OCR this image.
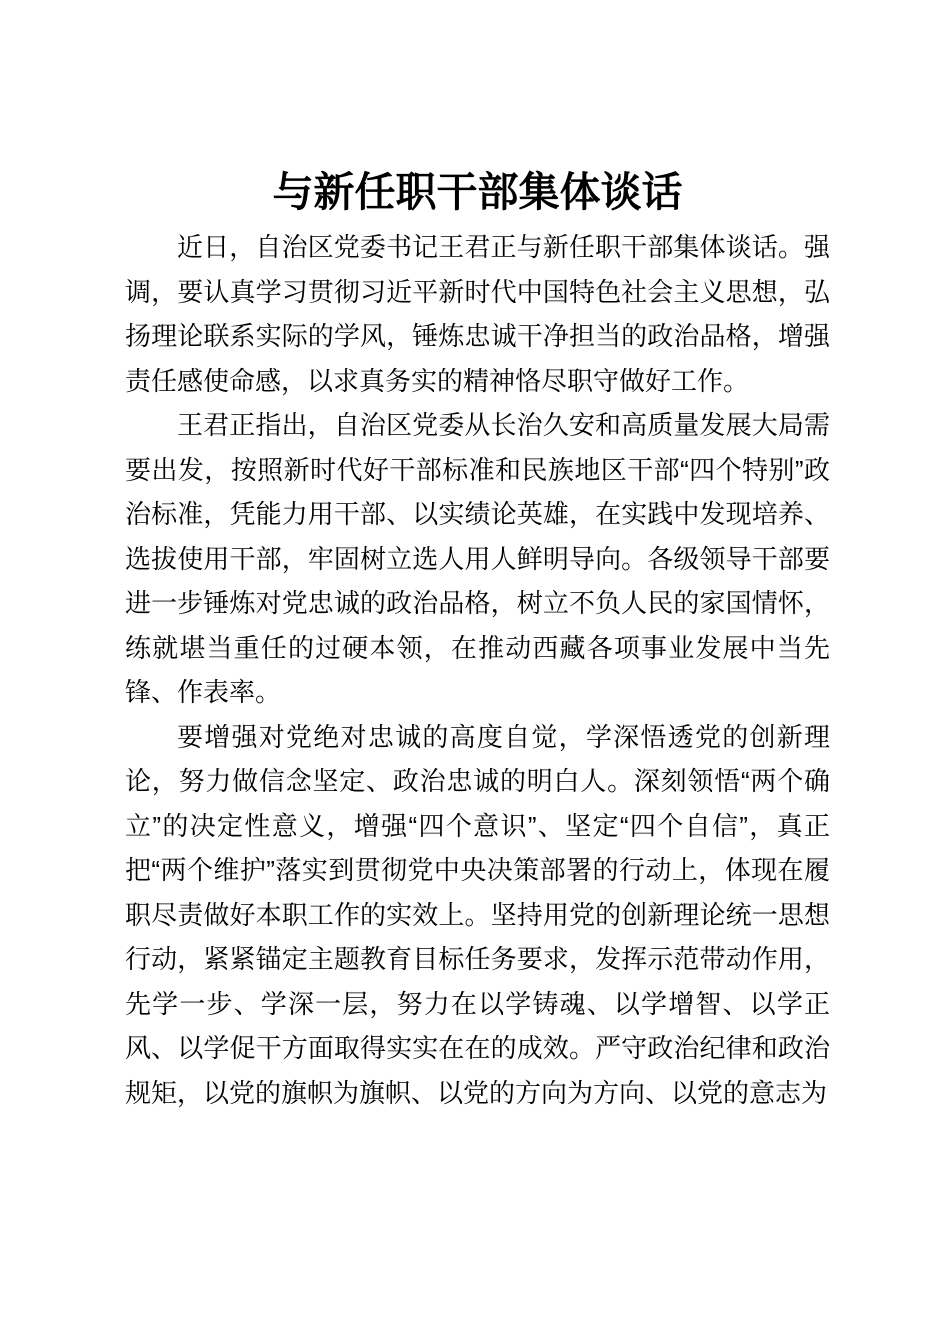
与新任职干部集体谈话
近日，自治区党委书记王君正与新任职干部集体谈话。强
调，要认真学习贯彻习近平新时代中国特色社会主义思想，弘
扬理论联系实际的学风，锤炼忠诚干净担当的政治品格，增强
责任感使命感，以求真务实的精神恪尽职守做好工作。
王君正指出，自治区党委从长治久安和高质量发展大局需
要出发，按照新时代好干部标准和民族地区干部“四个特别”政
治标准，凭能力用干部、以实绩论英雄，在实践中发现培养、
选拔使用干部，牢固树立选人用人鲜明导向。各级领导干部要
进一步锤炼对党忠诚的政治品格，树立不负人民的家国情怀，
练就堪当重任的过硬本领，在推动西藏各项事业发展中当先
锋、作表率。
要增强对党绝对忠诚的高度自觉，学深悟透党的创新理
论，努力做信念坚定、政治忠诚的明白人。深刻领悟“两个确
立”的决定性意义，增强“四个意识”、坚定“四个自信”，真正
把“两个维护”落实到贯彻党中央决策部署的行动上，体现在履
职尽责做好本职工作的实效上。坚持用党的创新理论统一思想
行动，紧紧锚定主题教育目标任务要求，发挥示范带动作用，
先学一步、学深一层，努力在以学铸魂、以学增智、以学正
风、以学促干方面取得实实在在的成效。严守政治纪律和政治
规矩，以党的旗帜为旗帜、以党的方向为方向、以党的意志为
